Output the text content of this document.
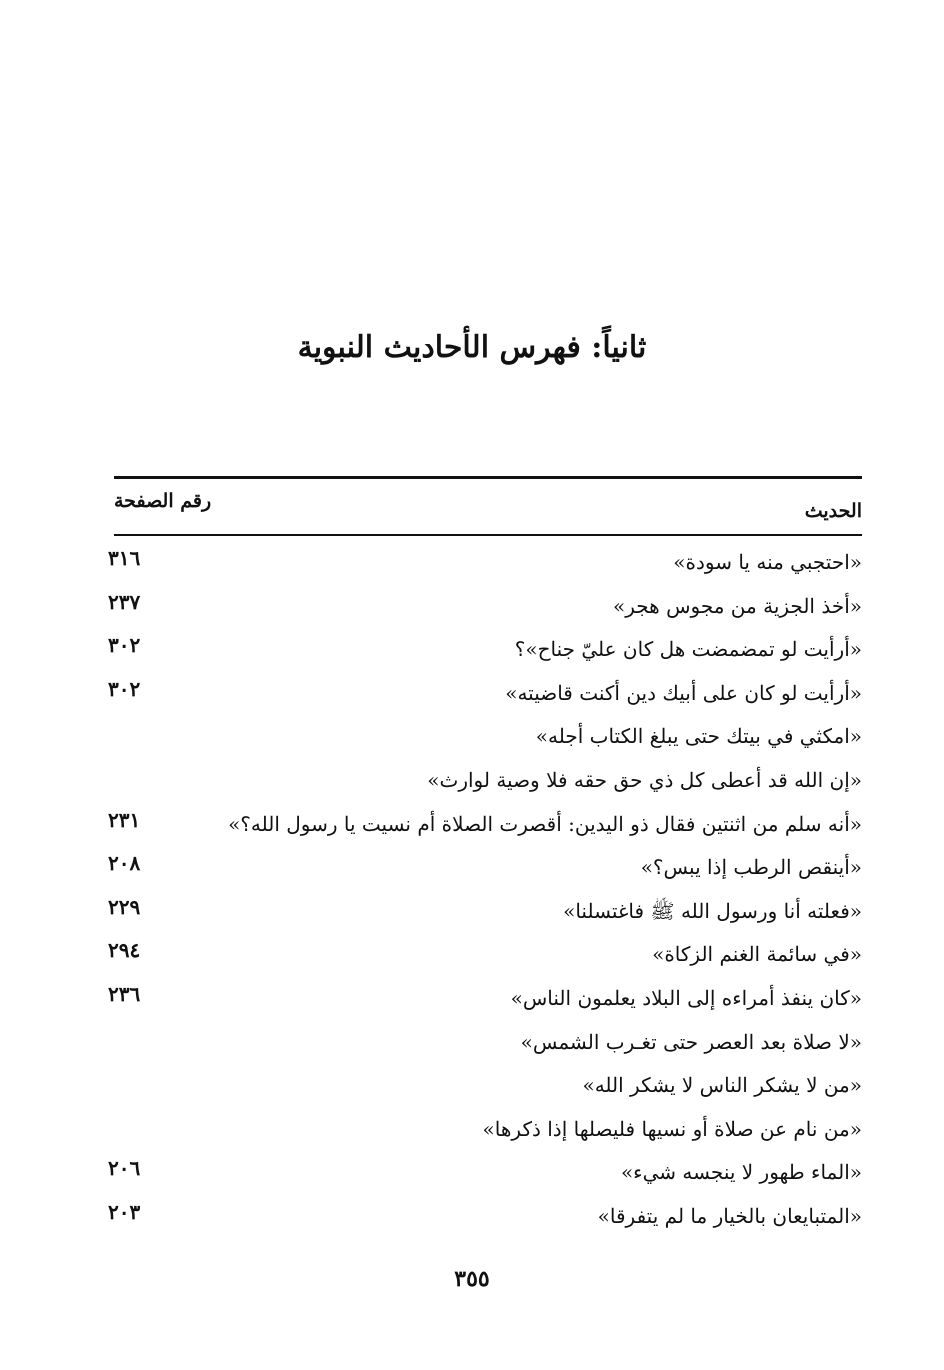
ثانياً: فهرس الأحاديث النبوية
الحديث
رقم الصفحة
«احتجبي منه يا سودة»
٣١٦
«أخذ الجزية من مجوس هجر»
٢٣٧
«أرأيت لو تمضمضت هل كان عليّ جناح»؟
٣٠٢
«أرأيت لو كان على أبيك دين أكنت قاضيته»
٣٠٢
«امكثي في بيتك حتى يبلغ الكتاب أجله»
«إن الله قد أعطى كل ذي حق حقه فلا وصية لوارث»
«أنه سلم من اثنتين فقال ذو اليدين: أقصرت الصلاة أم نسيت يا رسول الله؟»
٢٣١
«أينقص الرطب إذا يبس؟»
٢٠٨
«فعلته أنا ورسول الله ﷺ فاغتسلنا»
٢٢٩
«في سائمة الغنم الزكاة»
٢٩٤
«كان ينفذ أمراءه إلى البلاد يعلمون الناس»
٢٣٦
«لا صلاة بعد العصر حتى تغـرب الشمس»
«من لا يشكر الناس لا يشكر الله»
«من نام عن صلاة أو نسيها فليصلها إذا ذكرها»
«الماء طهور لا ينجسه شيء»
٢٠٦
«المتبايعان بالخيار ما لم يتفرقا»
٢٠٣
٣٥٥
